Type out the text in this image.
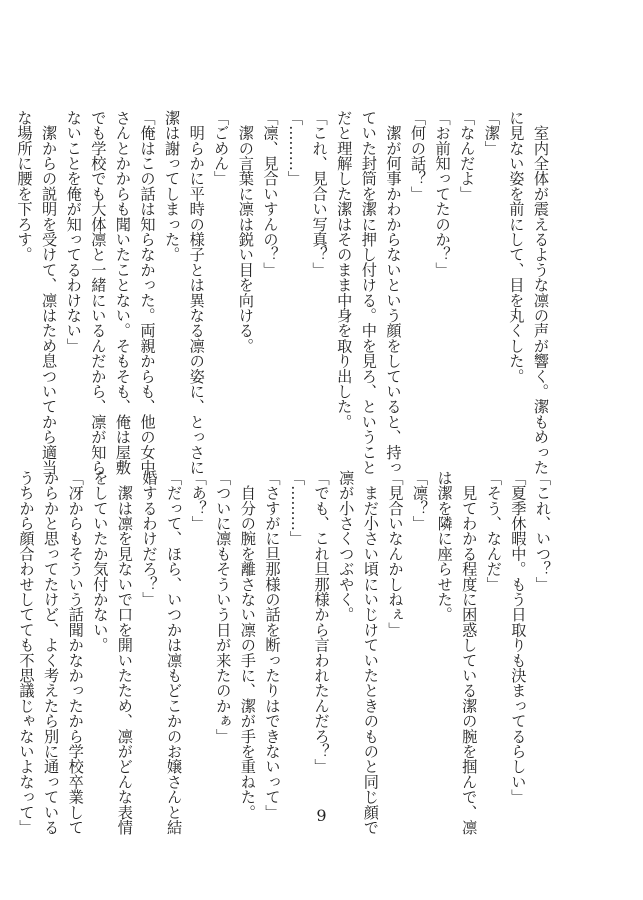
　室内全体が震えるような凛の声が響く。潔もめった
に見ない姿を前にして、目を丸くした。
「潔」
「なんだよ」
「お前知ってたのか？」
「何の話？」
　潔が何事かわからないという顔をしていると、持っ
ていた封筒を潔に押し付ける。中を見ろ、ということ
だと理解した潔はそのまま中身を取り出した。
「これ、見合い写真？」
「………」
「凛、見合いすんの？」
　潔の言葉に凛は鋭い目を向ける。
「ごめん」
　明らかに平時の様子とは異なる凛の姿に、とっさに
潔は謝ってしまった。
「俺はこの話は知らなかった。両親からも、他の女中
さんとかからも聞いたことない。そもそも、俺は屋敷
でも学校でも大体凛と一緒にいるんだから、凛が知ら
ないことを俺が知ってるわけない」
　潔からの説明を受けて、凛はため息ついてから適当
な場所に腰を下ろす。
「これ、いつ？」
「夏季休暇中。もう日取りも決まってるらしい」
「そう、なんだ」
　見てわかる程度に困惑している潔の腕を掴んで、凛
は潔を隣に座らせた。
「凛？」
「見合いなんかしねぇ」
　まだ小さい頃にいじけていたときのものと同じ顔で
凛が小さくつぶやく。
「でも、これ旦那様から言われたんだろ？」
「………」
「さすがに旦那様の話を断ったりはできないって」
　自分の腕を離さない凛の手に、潔が手を重ねた。
「ついに凛もそういう日が来たのかぁ」
「あ？」
「だって、ほら、いつかは凛もどこかのお嬢さんと結
婚するわけだろ？」
　潔は凛を見ないで口を開いたため、凛がどんな表情
をしていたか気付かない。
「冴からもそういう話聞かなかったから学校卒業して
からかと思ってたけど、よく考えたら別に通っている
うちから顔合わせしてても不思議じゃないよなって」	9
